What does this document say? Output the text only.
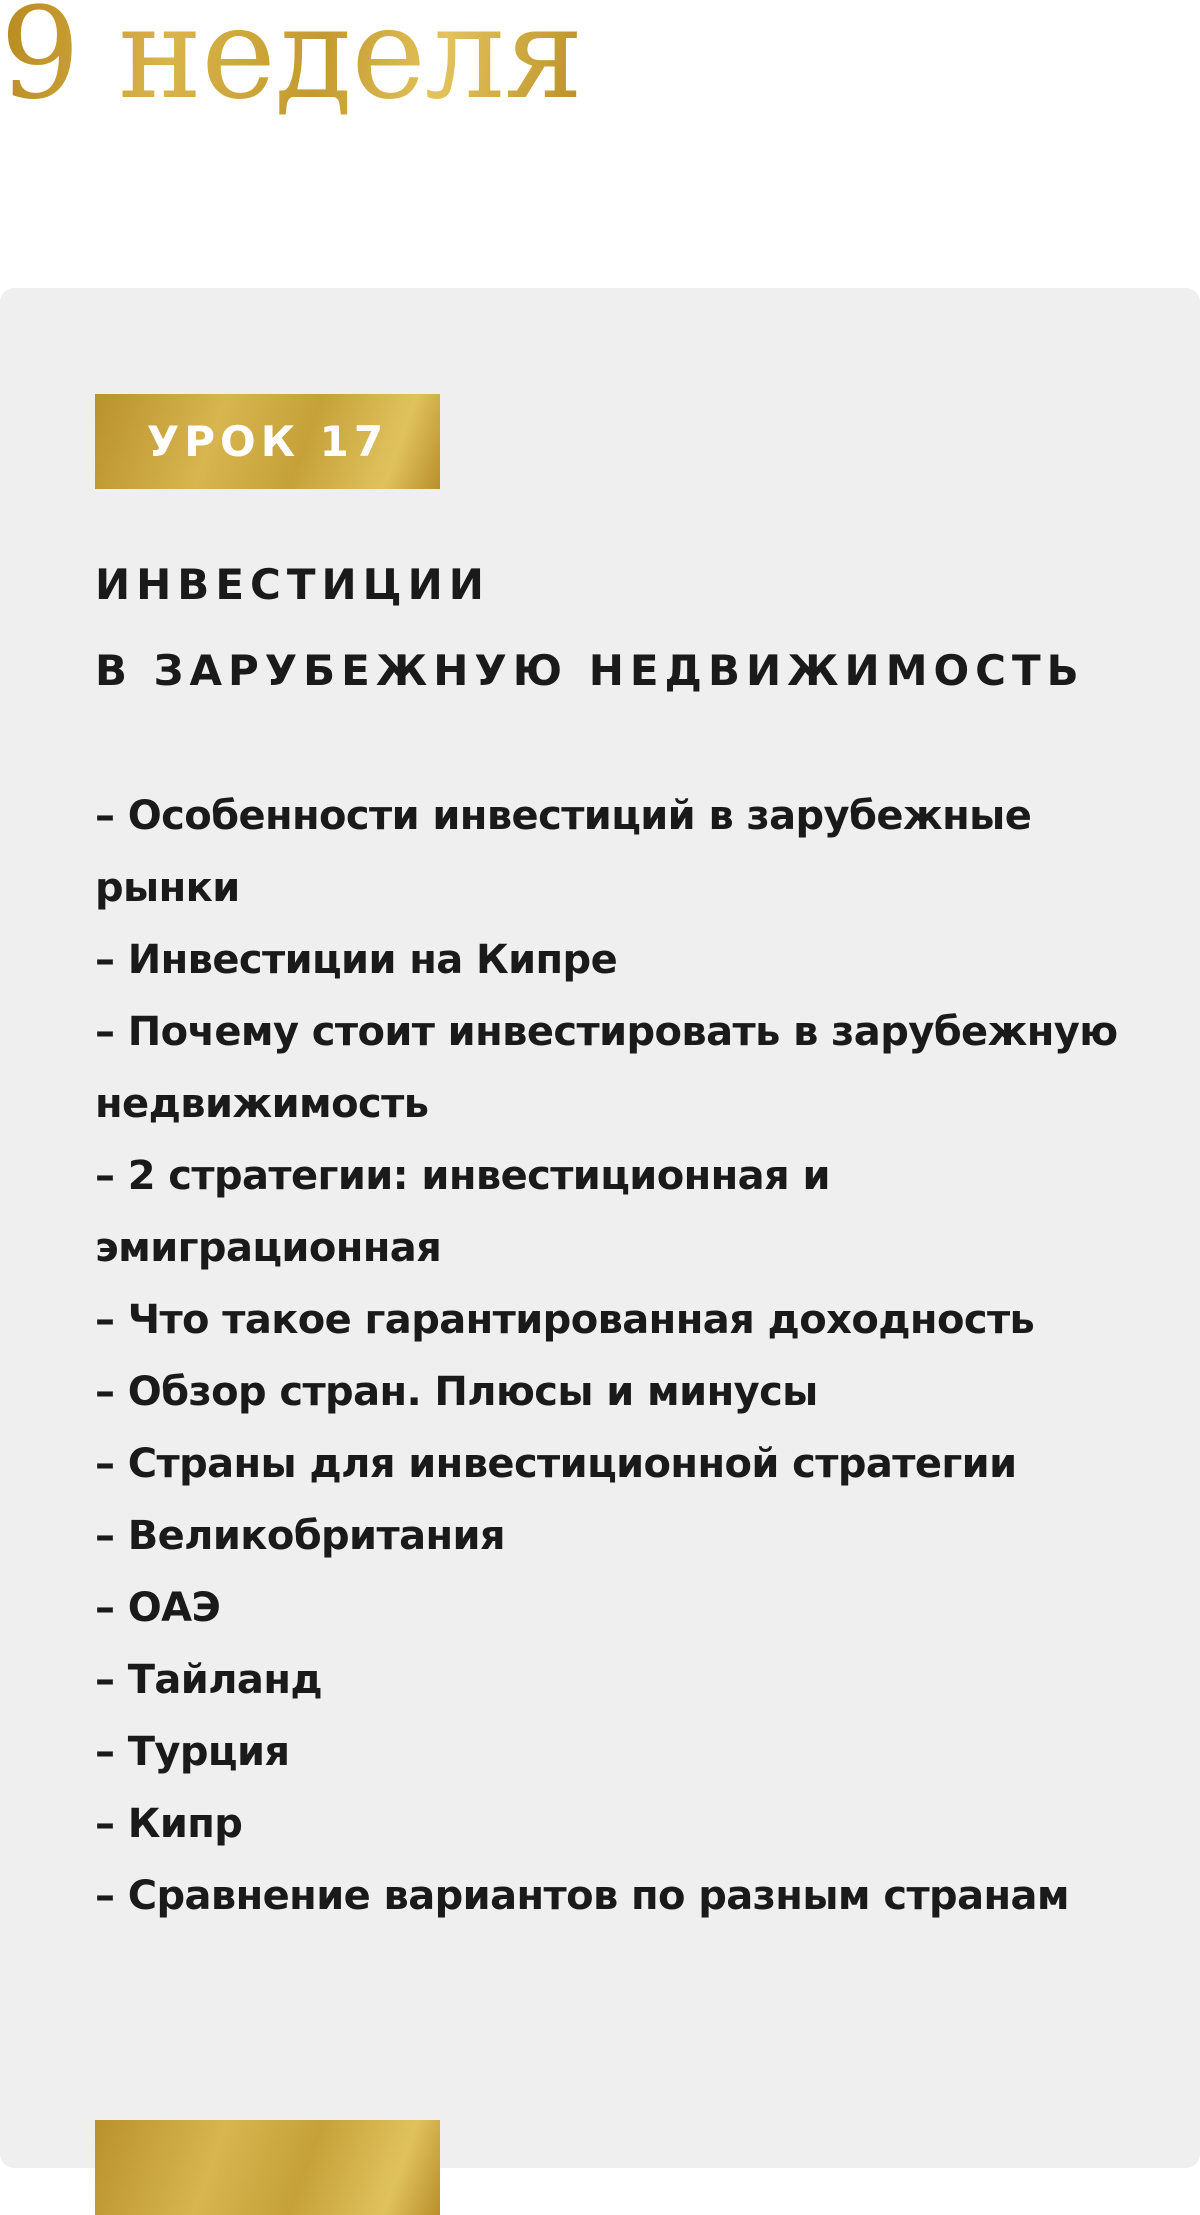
9 неделя
УРОК 17
ИНВЕСТИЦИИ
В ЗАРУБЕЖНУЮ НЕДВИЖИМОСТЬ
– Особенности инвестиций в зарубежные рынки
– Инвестиции на Кипре
– Почему стоит инвестировать в зарубежную недвижимость
– 2 стратегии: инвестиционная и эмиграционная
– Что такое гарантированная доходность
– Обзор стран. Плюсы и минусы
– Страны для инвестиционной стратегии
– Великобритания
– ОАЭ
– Тайланд
– Турция
– Кипр
– Сравнение вариантов по разным странам
